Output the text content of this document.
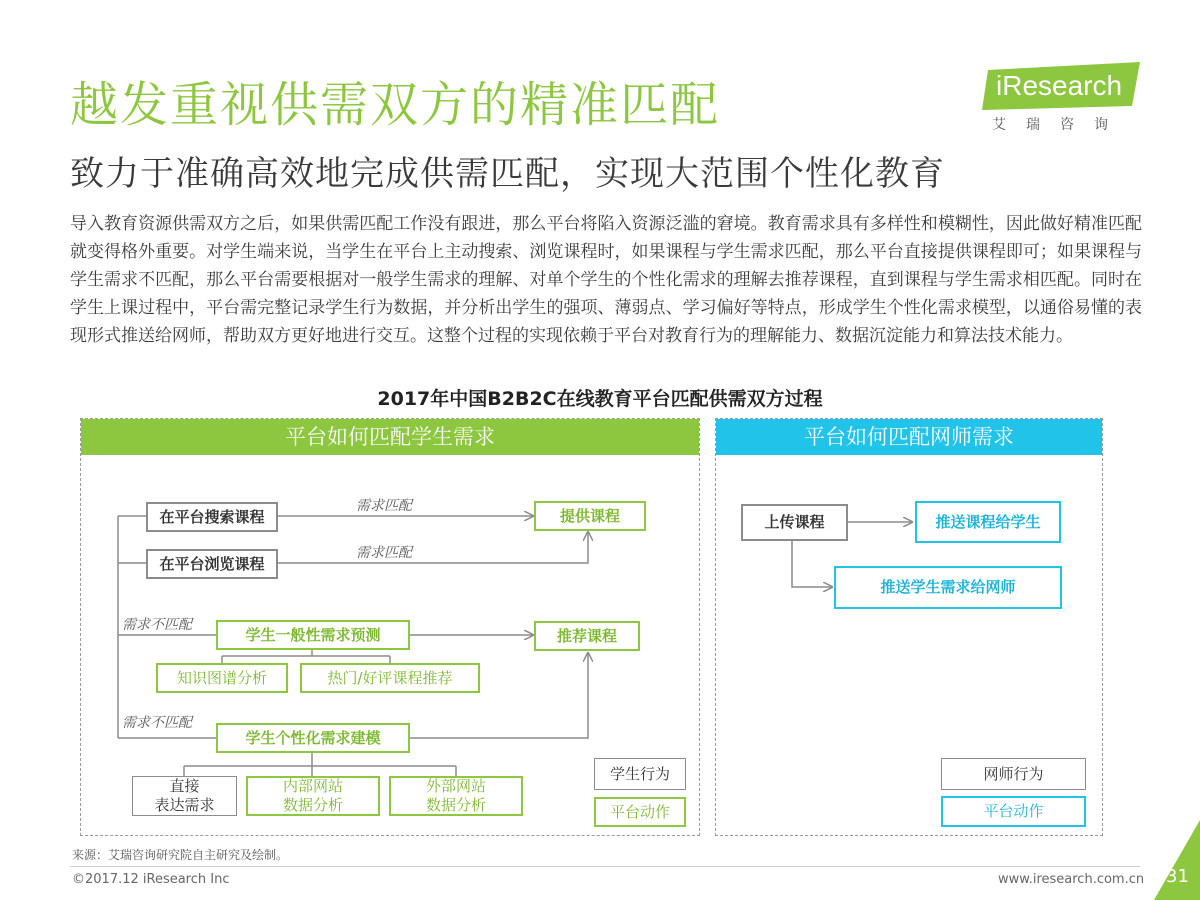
越发重视供需双方的精准匹配
致力于准确高效地完成供需匹配，实现大范围个性化教育
iResearch
艾瑞咨询
导入教育资源供需双方之后，如果供需匹配工作没有跟进，那么平台将陷入资源泛滥的窘境。教育需求具有多样性和模糊性，因此做好精准匹配就变得格外重要。对学生端来说，当学生在平台上主动搜索、浏览课程时，如果课程与学生需求匹配，那么平台直接提供课程即可；如果课程与学生需求不匹配，那么平台需要根据对一般学生需求的理解、对单个学生的个性化需求的理解去推荐课程，直到课程与学生需求相匹配。同时在学生上课过程中，平台需完整记录学生行为数据，并分析出学生的强项、薄弱点、学习偏好等特点，形成学生个性化需求模型，以通俗易懂的表现形式推送给网师，帮助双方更好地进行交互。这整个过程的实现依赖于平台对教育行为的理解能力、数据沉淀能力和算法技术能力。
2017年中国B2B2C在线教育平台匹配供需双方过程
平台如何匹配学生需求	平台如何匹配网师需求
需求匹配
需求匹配
需求不匹配
需求不匹配
在平台搜索课程
在平台浏览课程
提供课程
推荐课程
学生一般性需求预测
知识图谱分析	热门/好评课程推荐
学生个性化需求建模
直接
表达需求
内部网站
数据分析
外部网站
数据分析
学生行为
平台动作
上传课程	推送课程给学生
推送学生需求给网师
网师行为
平台动作
来源：艾瑞咨询研究院自主研究及绘制。
©2017.12 iResearch Inc	www.iresearch.com.cn 31
